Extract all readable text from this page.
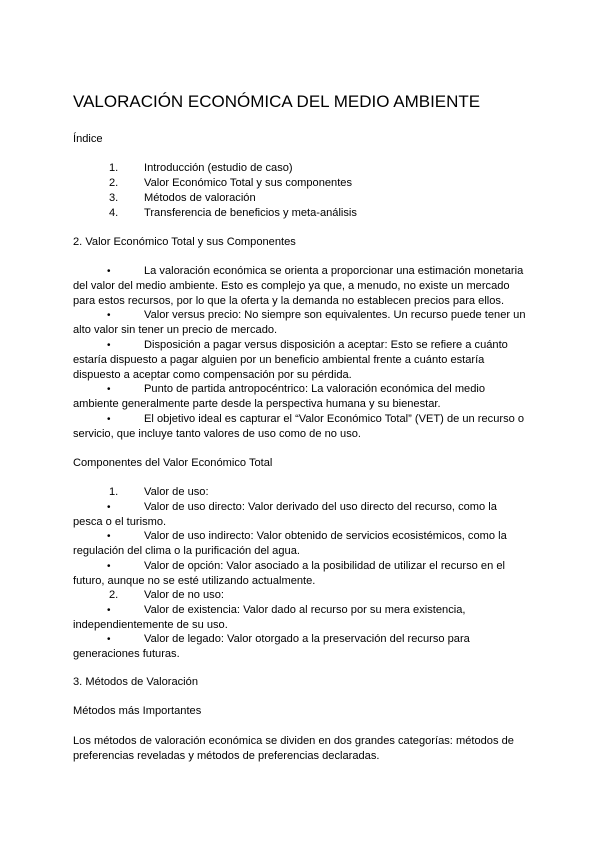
VALORACIÓN ECONÓMICA DEL MEDIO AMBIENTE
Índice
1. Introducción (estudio de caso)
2. Valor Económico Total y sus componentes
3. Métodos de valoración
4. Transferencia de beneficios y meta-análisis
2. Valor Económico Total y sus Componentes
•	La valoración económica se orienta a proporcionar una estimación monetaria
del valor del medio ambiente. Esto es complejo ya que, a menudo, no existe un mercado
para estos recursos, por lo que la oferta y la demanda no establecen precios para ellos.
•	Valor versus precio: No siempre son equivalentes. Un recurso puede tener un
alto valor sin tener un precio de mercado.
•	Disposición a pagar versus disposición a aceptar: Esto se refiere a cuánto
estaría dispuesto a pagar alguien por un beneficio ambiental frente a cuánto estaría
dispuesto a aceptar como compensación por su pérdida.
•	Punto de partida antropocéntrico: La valoración económica del medio
ambiente generalmente parte desde la perspectiva humana y su bienestar.
•	El objetivo ideal es capturar el “Valor Económico Total” (VET) de un recurso o
servicio, que incluye tanto valores de uso como de no uso.
Componentes del Valor Económico Total
1. Valor de uso:
•	Valor de uso directo: Valor derivado del uso directo del recurso, como la
pesca o el turismo.
•	Valor de uso indirecto: Valor obtenido de servicios ecosistémicos, como la
regulación del clima o la purificación del agua.
•	Valor de opción: Valor asociado a la posibilidad de utilizar el recurso en el
futuro, aunque no se esté utilizando actualmente.
2. Valor de no uso:
•	Valor de existencia: Valor dado al recurso por su mera existencia,
independientemente de su uso.
•	Valor de legado: Valor otorgado a la preservación del recurso para
generaciones futuras.
3. Métodos de Valoración
Métodos más Importantes
Los métodos de valoración económica se dividen en dos grandes categorías: métodos de
preferencias reveladas y métodos de preferencias declaradas.
